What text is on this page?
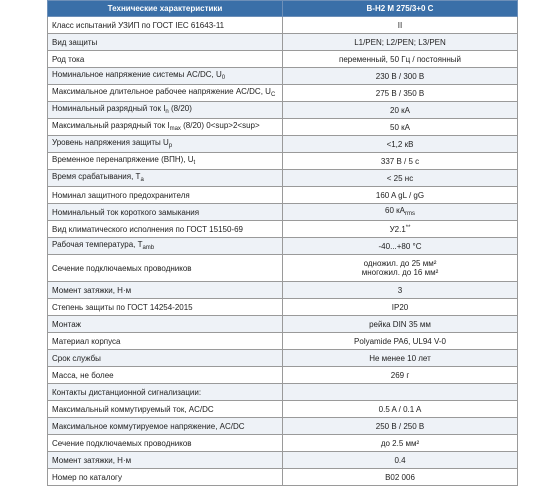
Технические характеристики	В-Н2 М 275/3+0 С
Класс испытаний УЗИП по ГОСТ IEC 61643-11	II
Вид защиты	L1/PEN; L2/PEN; L3/PEN
Род тока	переменный, 50 Гц / постоянный
Номинальное напряжение системы AC/DC, $U_0$	230 В / 300 В
Максимальное длительное рабочее напряжение AC/DC, $U_C$	275 В / 350 В
Номинальный разрядный ток $I_n$ (8/20)	20 кА
Максимальный разрядный ток $I_{max}$ (8/20) 0<sup>2<sup>	50 кА
Уровень напряжения защиты $U_p$	<1,2 кВ
Временное перенапряжение (ВПН), $U_t$	337 В / 5 с
Время срабатывания, $T_a$	< 25 нс
Номинал защитного предохранителя	160 A gL / gG
Номинальный ток короткого замыкания	60 $кА_{rms}$
Вид климатического исполнения по ГОСТ 15150-69	У2.1**
Рабочая температура, $T_{amb}$	-40...+80 °С
Сечение подключаемых проводников	одножил. до 25 мм²
многожил. до 16 мм²

Момент затяжки, Н·м	3
Степень защиты по ГОСТ 14254-2015	IP20
Монтаж	рейка DIN 35 мм
Материал корпуса	Polyamide PA6, UL94 V-0
Срок службы	Не менее 10 лет
Масса, не более	269 г
Контакты дистанционной сигнализации:	
Максимальный коммутируемый ток, AC/DC	0.5 A / 0.1 A
Максимальное коммутируемое напряжение, AC/DC	250 В / 250 В
Сечение подключаемых проводников	до 2.5 мм²
Момент затяжки, Н·м	0.4
Номер по каталогу	B02 006
